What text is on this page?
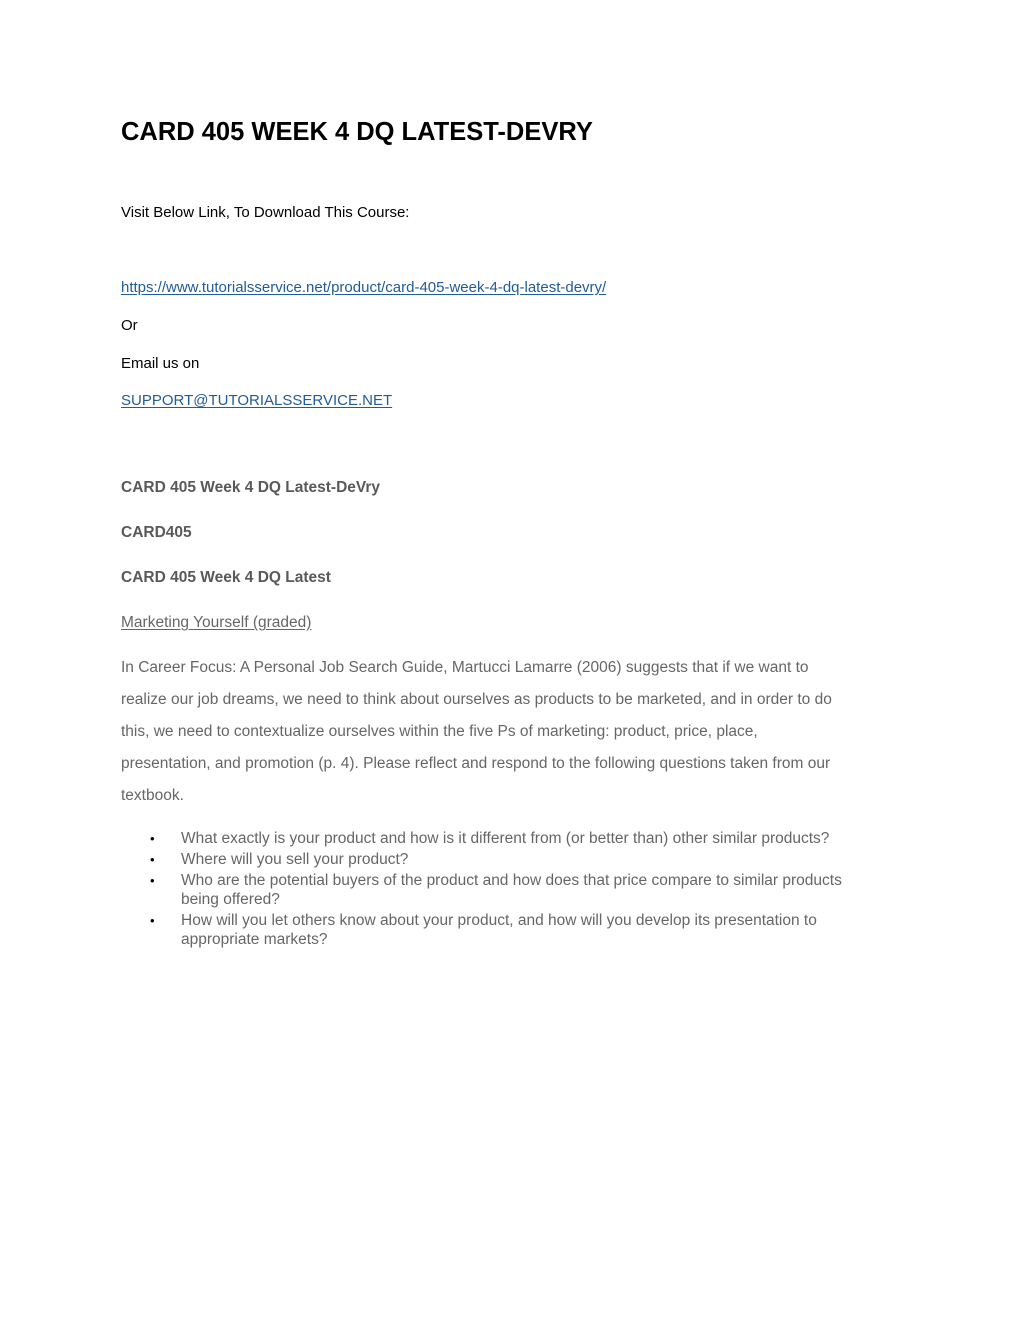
CARD 405 WEEK 4 DQ LATEST-DEVRY

Visit Below Link, To Download This Course:

https://www.tutorialsservice.net/product/card-405-week-4-dq-latest-devry/

Or

Email us on

SUPPORT@TUTORIALSSERVICE.NET

CARD 405 Week 4 DQ Latest-DeVry

CARD405

CARD 405 Week 4 DQ Latest

Marketing Yourself (graded)

In Career Focus: A Personal Job Search Guide, Martucci Lamarre (2006) suggests that if we want to
realize our job dreams, we need to think about ourselves as products to be marketed, and in order to do
this, we need to contextualize ourselves within the five Ps of marketing: product, price, place,
presentation, and promotion (p. 4). Please reflect and respond to the following questions taken from our
textbook.
• What exactly is your product and how is it different from (or better than) other similar products?
• Where will you sell your product?
• Who are the potential buyers of the product and how does that price compare to similar products
being offered?
• How will you let others know about your product, and how will you develop its presentation to
appropriate markets?
